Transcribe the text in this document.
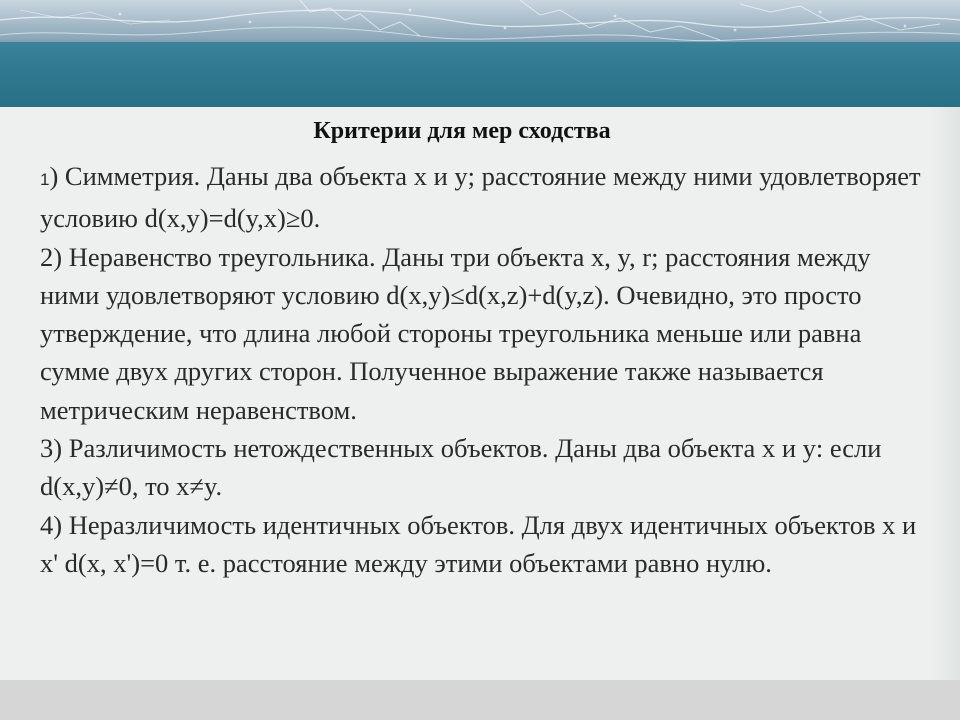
Критерии для мер сходства

1) Симметрия. Даны два объекта x и y; расстояние между ними удовлетворяет условию d(x,y)=d(y,x)≥0.

2) Неравенство треугольника. Даны три объекта x, y, r; расстояния между ними удовлетворяют условию d(x,y)≤d(x,z)+d(y,z). Очевидно, это просто утверждение, что длина любой стороны треугольника меньше или равна сумме двух других сторон. Полученное выражение также называется метрическим неравенством.

3) Различимость нетождественных объектов. Даны два объекта x и y: если d(x,y)≠0, то x≠y.

4) Неразличимость идентичных объектов. Для двух идентичных объектов x и x' d(x, x')=0 т. е. расстояние между этими объектами равно нулю.
